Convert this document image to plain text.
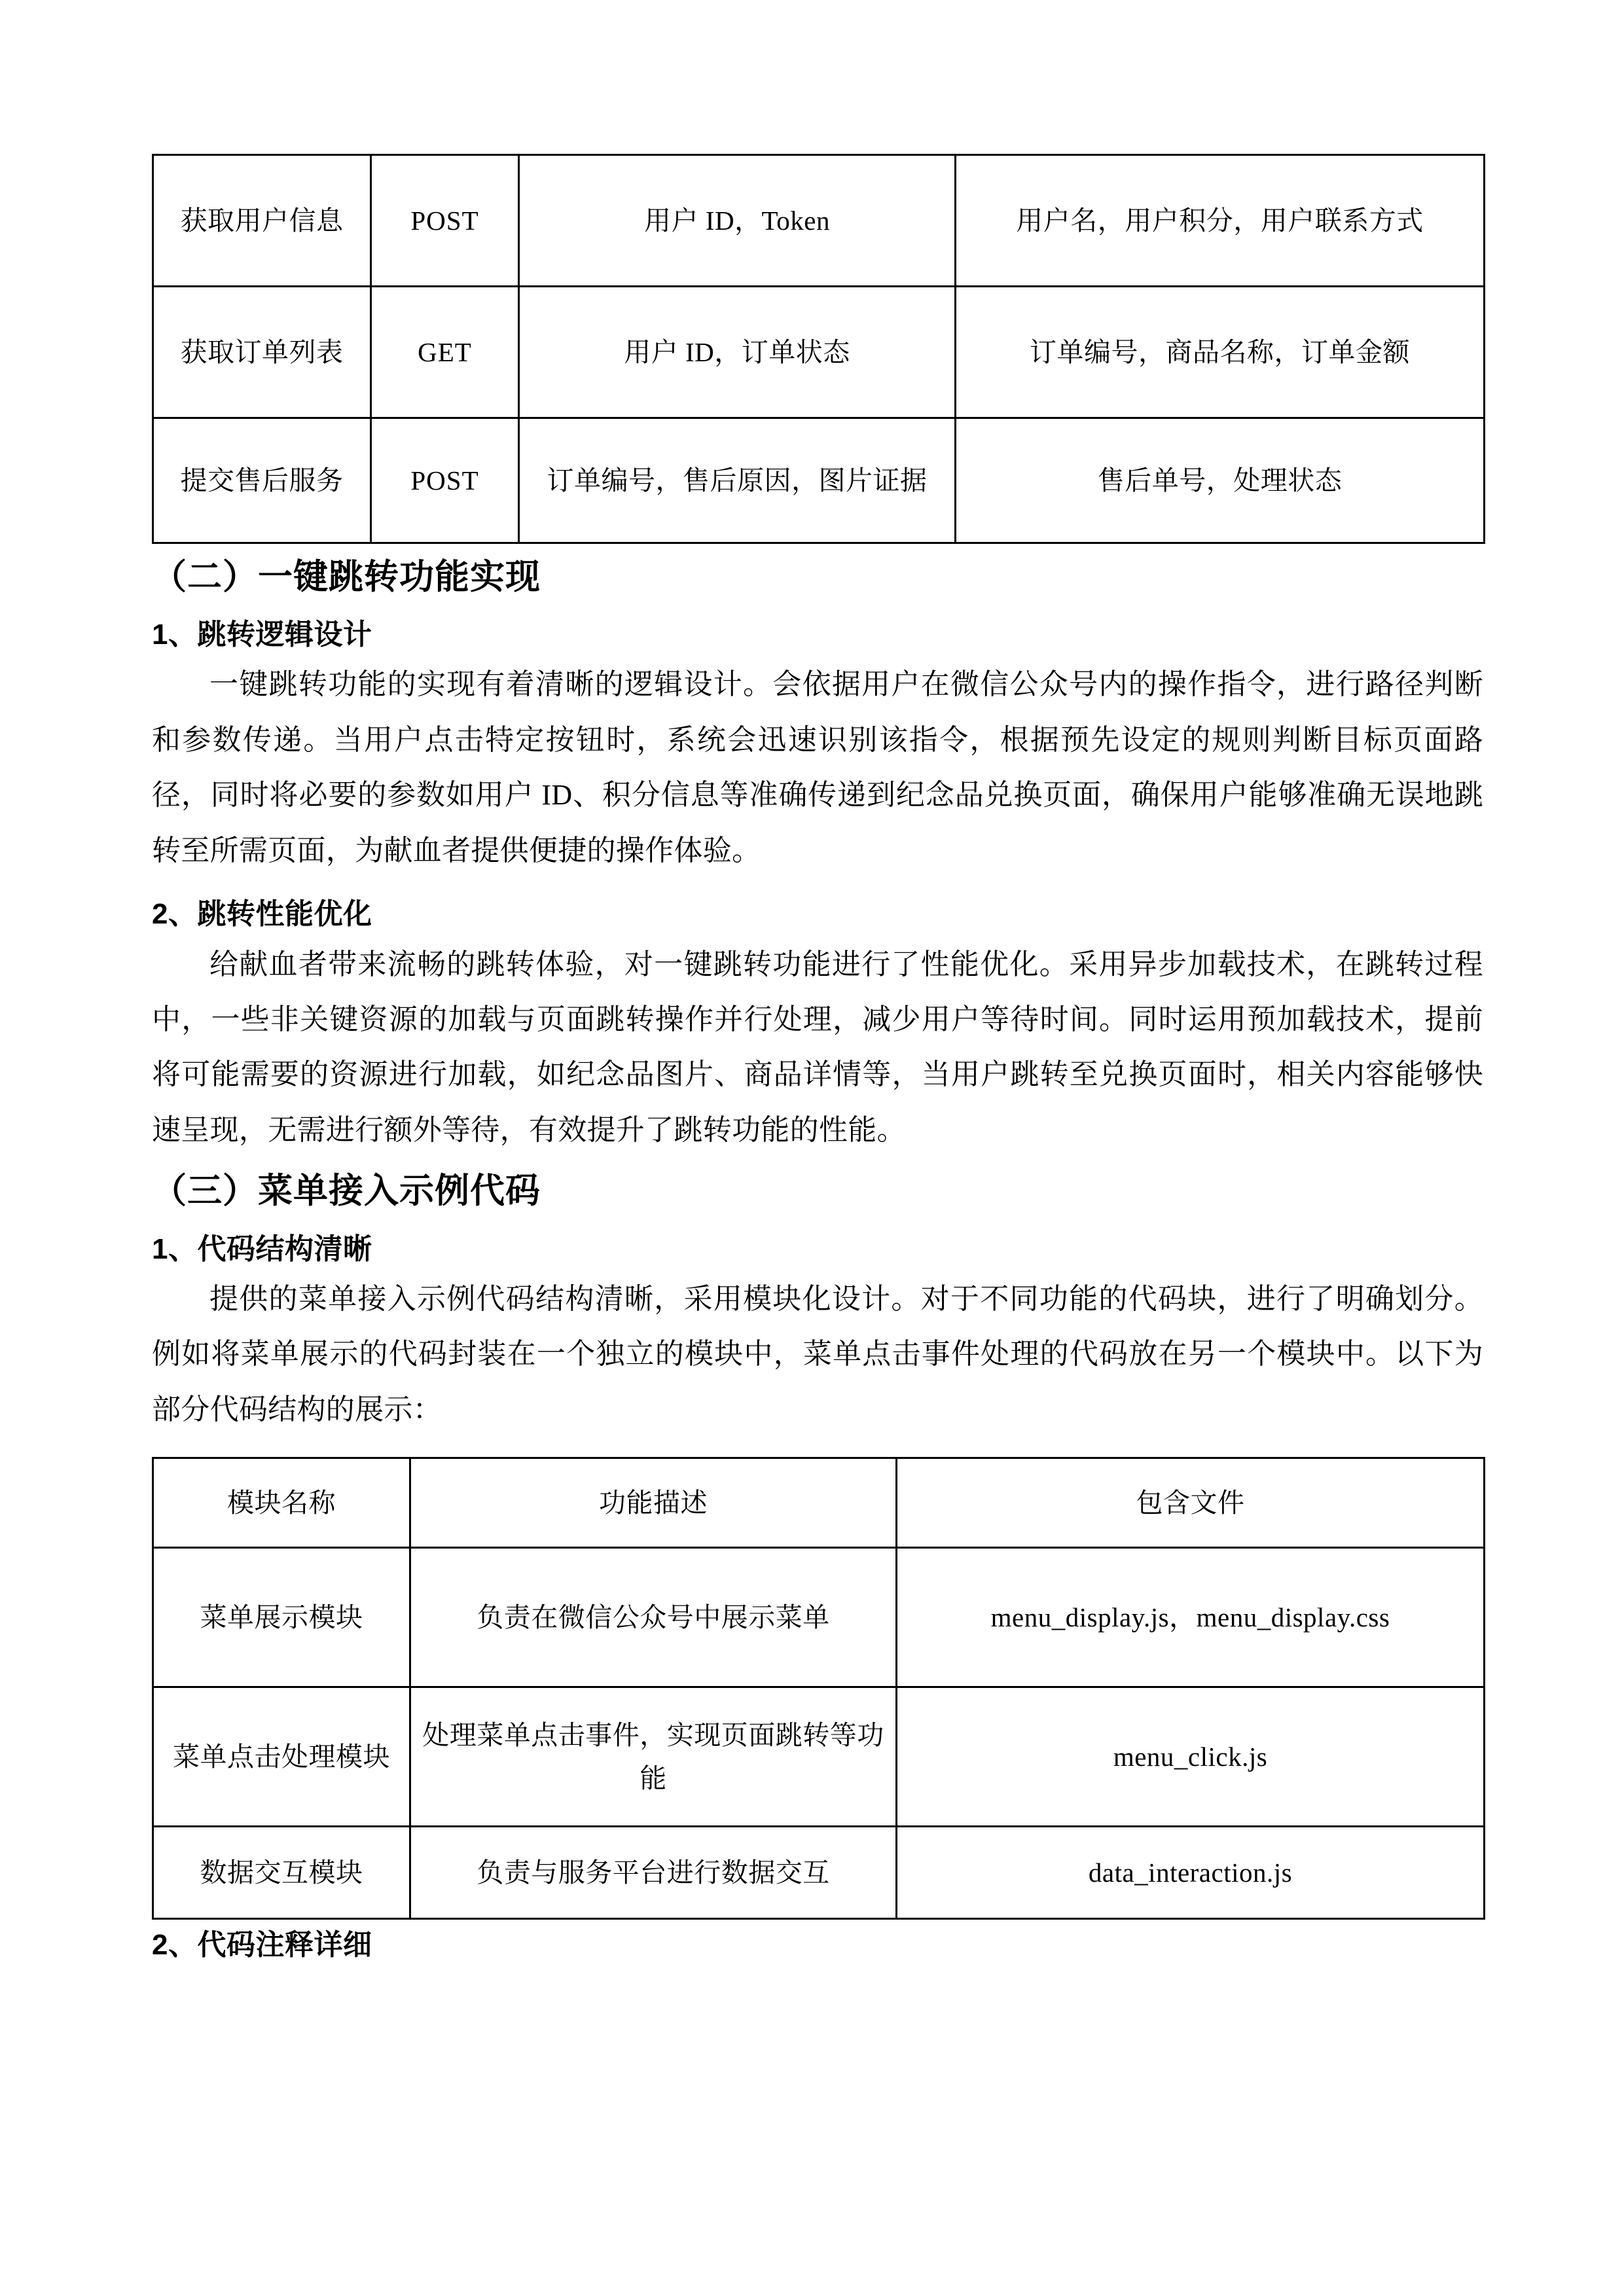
获取用户信息	POST	用户 ID，Token	用户名，用户积分，用户联系方式
获取订单列表	GET	用户 ID，订单状态	订单编号，商品名称，订单金额
提交售后服务	POST	订单编号，售后原因，图片证据	售后单号，处理状态
（二）一键跳转功能实现
1、跳转逻辑设计

一键跳转功能的实现有着清晰的逻辑设计。会依据用户在微信公众号内的操作指令，进行路径判断和参数传递。当用户点击特定按钮时，系统会迅速识别该指令，根据预先设定的规则判断目标页面路径，同时将必要的参数如用户 ID、积分信息等准确传递到纪念品兑换页面，确保用户能够准确无误地跳转至所需页面，为献血者提供便捷的操作体验。

2、跳转性能优化

给献血者带来流畅的跳转体验，对一键跳转功能进行了性能优化。采用异步加载技术，在跳转过程中，一些非关键资源的加载与页面跳转操作并行处理，减少用户等待时间。同时运用预加载技术，提前将可能需要的资源进行加载，如纪念品图片、商品详情等，当用户跳转至兑换页面时，相关内容能够快速呈现，无需进行额外等待，有效提升了跳转功能的性能。

（三）菜单接入示例代码
1、代码结构清晰

提供的菜单接入示例代码结构清晰，采用模块化设计。对于不同功能的代码块，进行了明确划分。例如将菜单展示的代码封装在一个独立的模块中，菜单点击事件处理的代码放在另一个模块中。以下为部分代码结构的展示：

模块名称	功能描述	包含文件
菜单展示模块	负责在微信公众号中展示菜单	menu_display.js，menu_display.css
菜单点击处理模块	处理菜单点击事件，实现页面跳转等功能	menu_click.js
数据交互模块	负责与服务平台进行数据交互	data_interaction.js
2、代码注释详细
